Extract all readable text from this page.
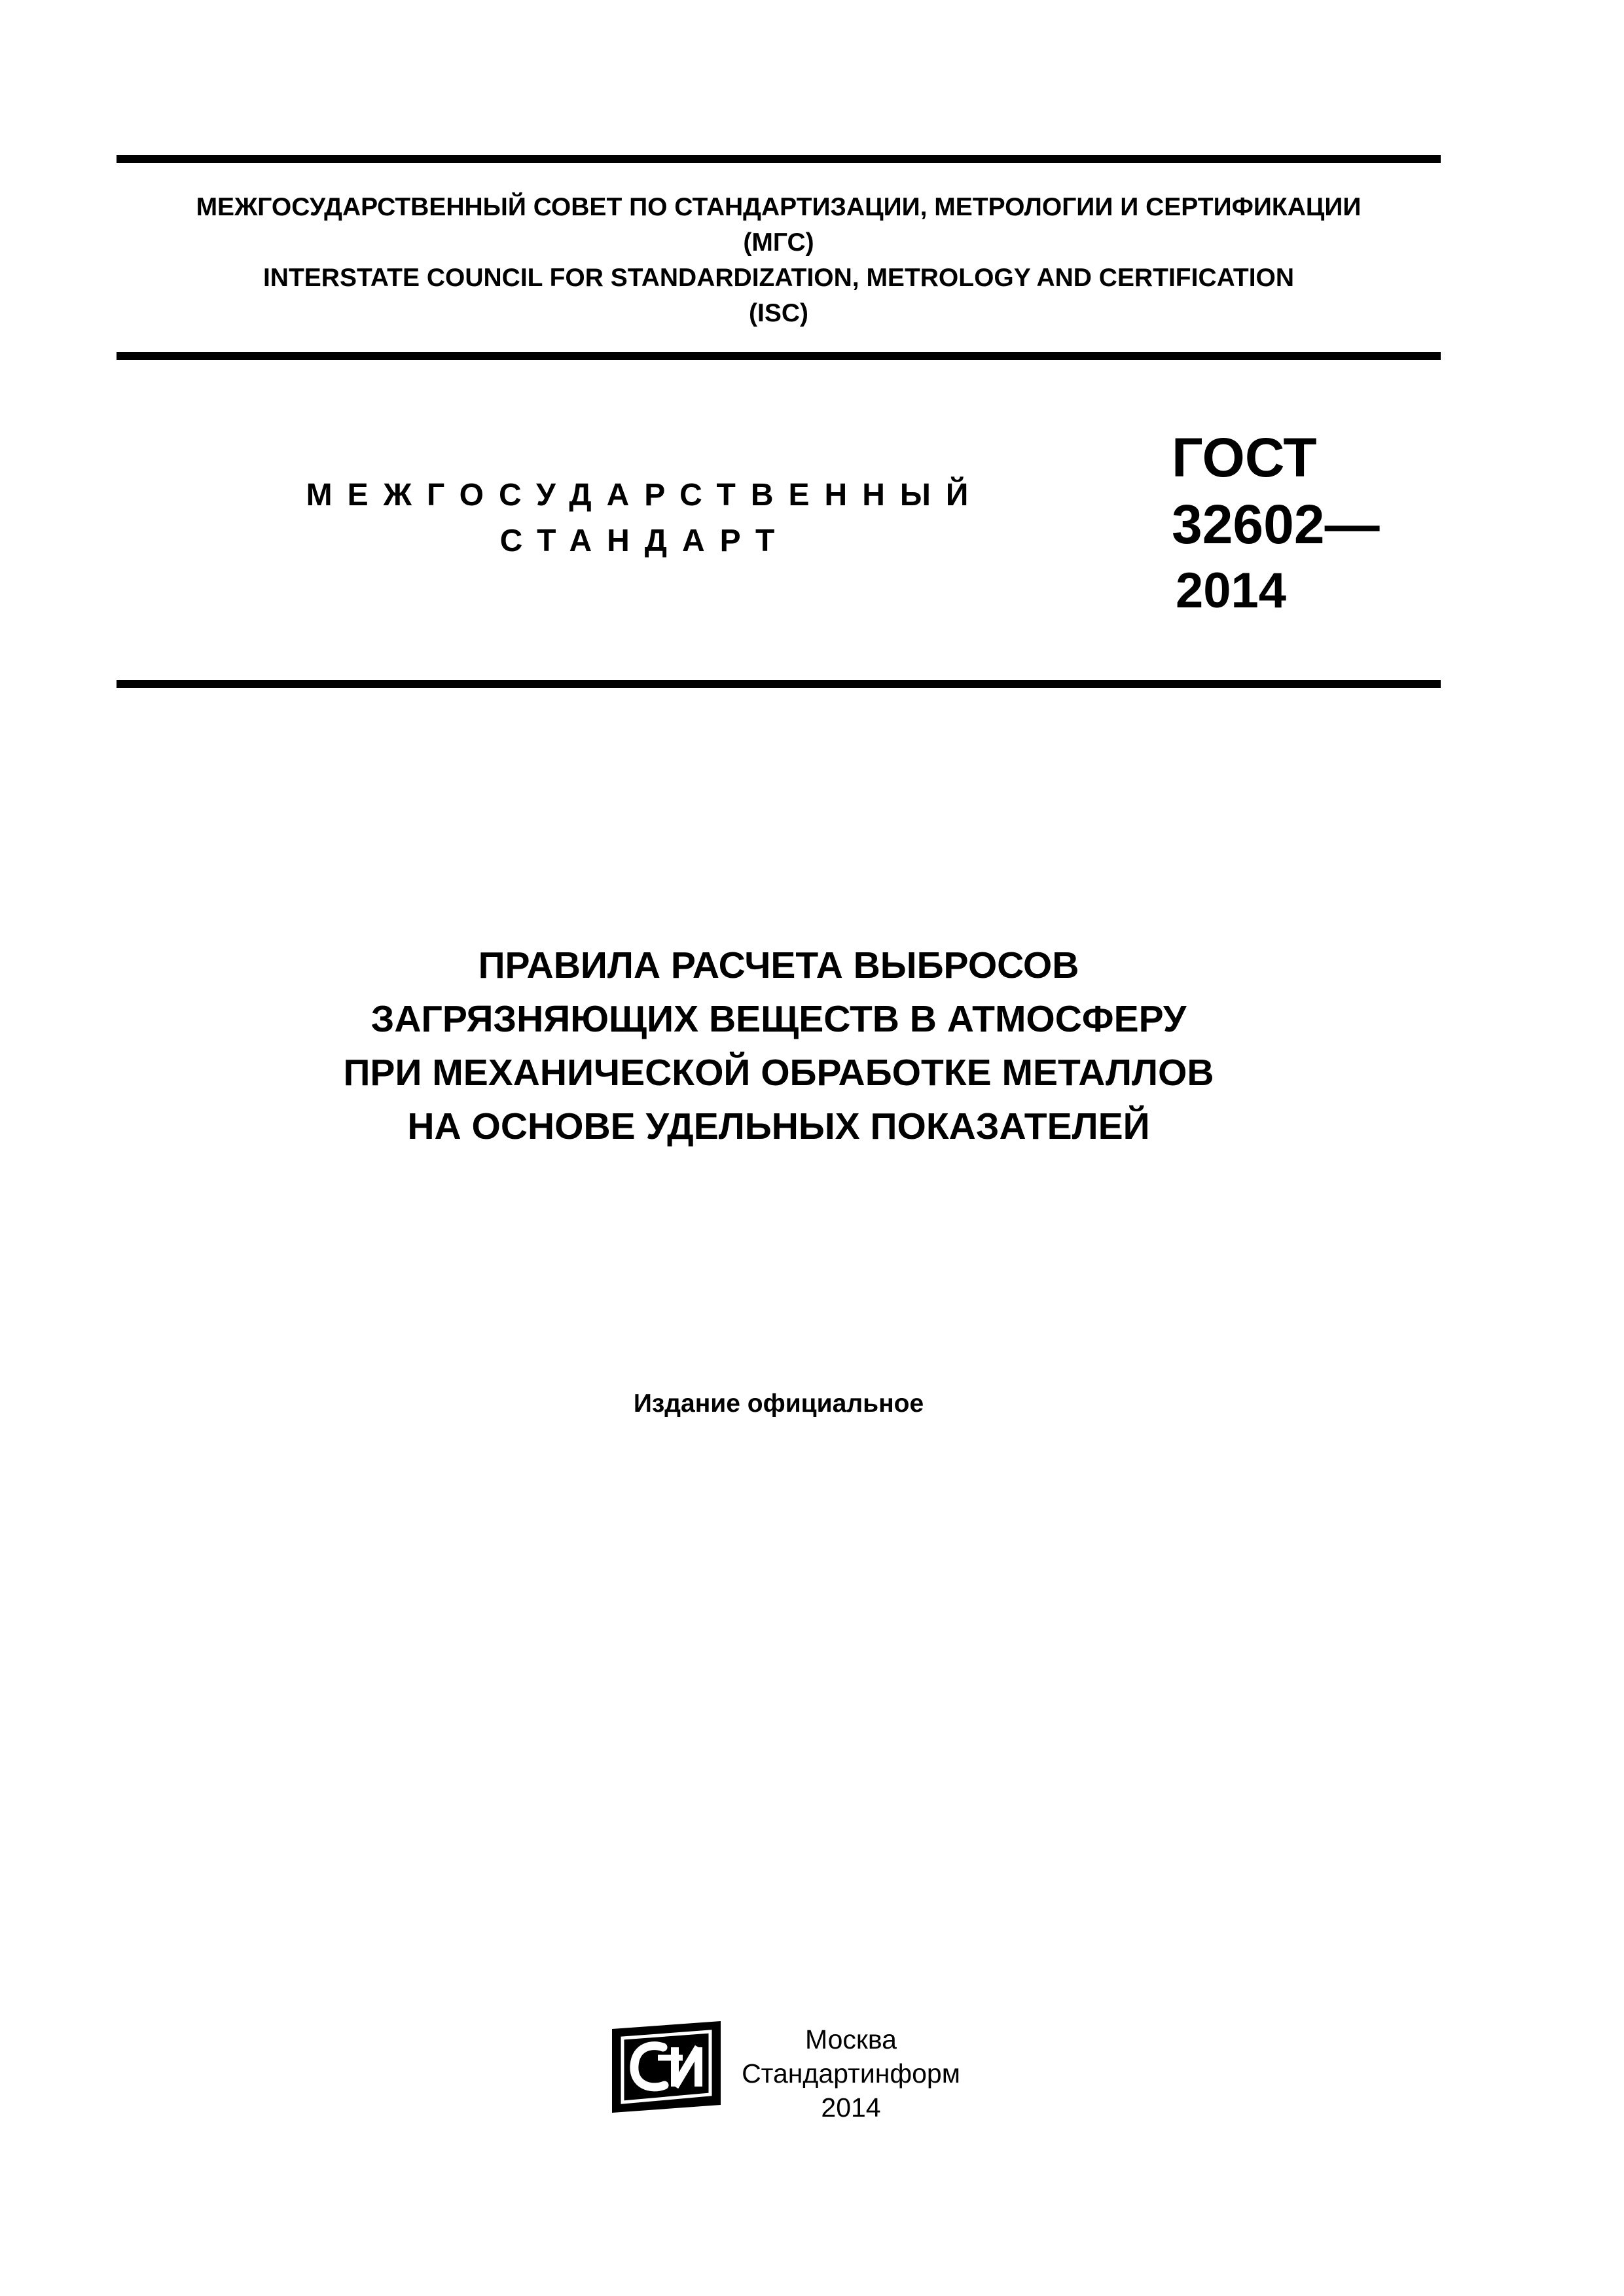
МЕЖГОСУДАРСТВЕННЫЙ СОВЕТ ПО СТАНДАРТИЗАЦИИ, МЕТРОЛОГИИ И СЕРТИФИКАЦИИ
(МГС)
INTERSTATE COUNCIL FOR STANDARDIZATION, METROLOGY AND CERTIFICATION
(ISC)
МЕЖГОСУДАРСТВЕННЫЙ
СТАНДАРТ
ГОСТ
32602—
2014
ПРАВИЛА РАСЧЕТА ВЫБРОСОВ
ЗАГРЯЗНЯЮЩИХ ВЕЩЕСТВ В АТМОСФЕРУ
ПРИ МЕХАНИЧЕСКОЙ ОБРАБОТКЕ МЕТАЛЛОВ
НА ОСНОВЕ УДЕЛЬНЫХ ПОКАЗАТЕЛЕЙ
Издание официальное
Москва
Стандартинформ
2014
